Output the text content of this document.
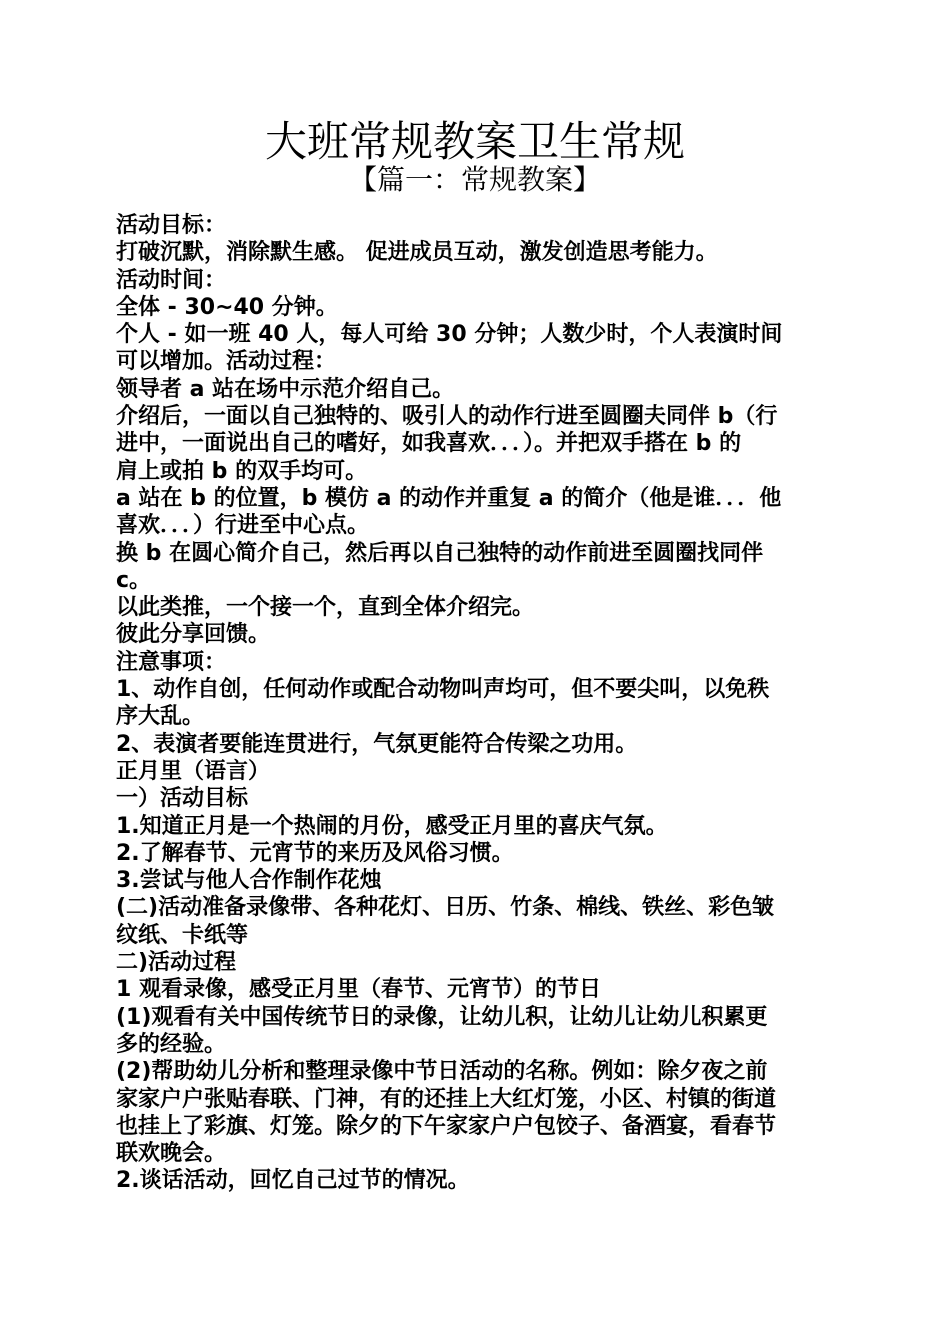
大班常规教案卫生常规
【篇一：常规教案】
活动目标：
打破沉默，消除默生感。 促进成员互动，激发创造思考能力。
活动时间：
全体 - 30~40 分钟。
个人 - 如一班 40 人，每人可给 30 分钟；人数少时，个人表演时间
可以增加。活动过程：
领导者 a 站在场中示范介绍自己。
介绍后，一面以自己独特的、吸引人的动作行进至圆圈夫同伴 b（行
进中，一面说出自己的嗜好，如我喜欢．．．）。并把双手搭在 b 的
肩上或拍 b 的双手均可。
a 站在 b 的位置，b 模仿 a 的动作并重复 a 的简介（他是谁．．．他
喜欢．．．）行进至中心点。
换 b 在圆心简介自己，然后再以自己独特的动作前进至圆圈找同伴
c。
以此类推，一个接一个，直到全体介绍完。
彼此分享回馈。
注意事项：
1、动作自创，任何动作或配合动物叫声均可，但不要尖叫，以免秩
序大乱。
2、表演者要能连贯进行，气氛更能符合传梁之功用。
正月里（语言）
一）活动目标
1.知道正月是一个热闹的月份，感受正月里的喜庆气氛。
2.了解春节、元宵节的来历及风俗习惯。
3.尝试与他人合作制作花烛
(二)活动准备录像带、各种花灯、日历、竹条、棉线、铁丝、彩色皱
纹纸、卡纸等
二)活动过程
1 观看录像，感受正月里（春节、元宵节）的节日
(1)观看有关中国传统节日的录像，让幼儿积，让幼儿让幼儿积累更
多的经验。
(2)帮助幼儿分析和整理录像中节日活动的名称。例如：除夕夜之前
家家户户张贴春联、门神，有的还挂上大红灯笼，小区、村镇的街道
也挂上了彩旗、灯笼。除夕的下午家家户户包饺子、备酒宴，看春节
联欢晚会。
2.谈话活动，回忆自己过节的情况。
